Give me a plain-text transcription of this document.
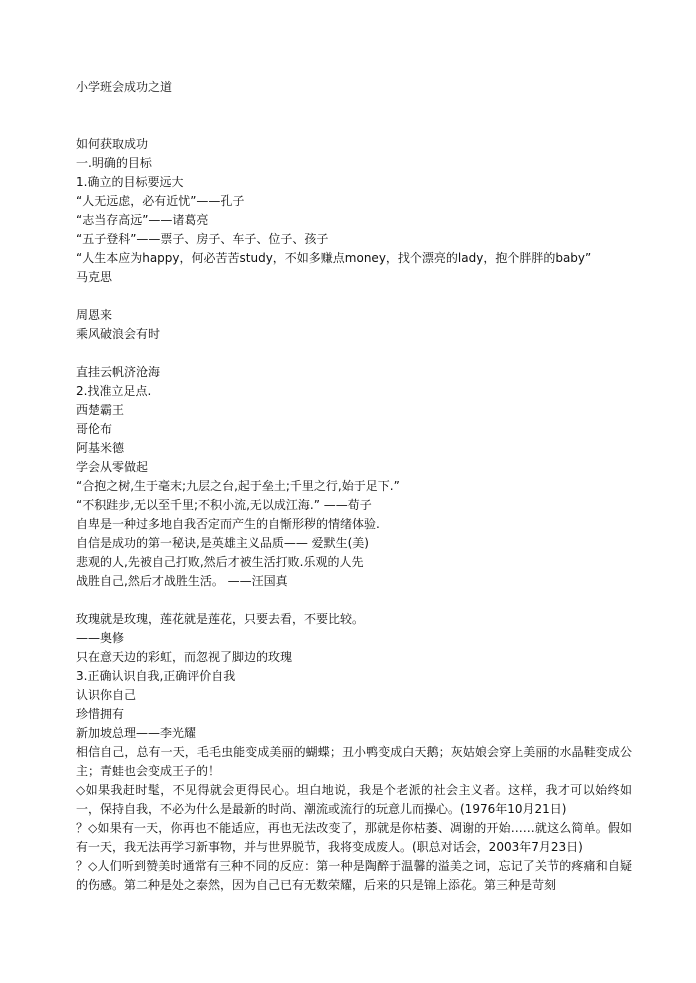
小学班会成功之道
如何获取成功
一.明确的目标
1.确立的目标要远大
“人无远虑，必有近忧”——孔子
“志当存高远”——诸葛亮
“五子登科”——票子、房子、车子、位子、孩子
“人生本应为happy，何必苦苦study，不如多赚点money，找个漂亮的lady，抱个胖胖的baby”
马克思
周恩来
乘风破浪会有时
直挂云帆济沧海
2.找准立足点.
西楚霸王
哥伦布
阿基米德
学会从零做起
“合抱之树,生于毫末;九层之台,起于垒土;千里之行,始于足下.”
“不积跬步,无以至千里;不积小流,无以成江海.” ——荀子
自卑是一种过多地自我否定而产生的自惭形秽的情绪体验.
自信是成功的第一秘诀,是英雄主义品质—— 爱默生(美)
悲观的人,先被自己打败,然后才被生活打败.乐观的人先
战胜自己,然后才战胜生活。 ——汪国真
玫瑰就是玫瑰，莲花就是莲花，只要去看，不要比较。
——奥修
只在意天边的彩虹，而忽视了脚边的玫瑰
3.正确认识自我,正确评价自我
认识你自己
珍惜拥有
新加坡总理——李光耀
相信自己，总有一天，毛毛虫能变成美丽的蝴蝶；丑小鸭变成白天鹅；灰姑娘会穿上美丽的水晶鞋变成公主；青蛙也会变成王子的！
◇如果我赶时髦，不见得就会更得民心。坦白地说，我是个老派的社会主义者。这样，我才可以始终如一，保持自我，不必为什么是最新的时尚、潮流或流行的玩意儿而操心。(1976年10月21日)
？◇如果有一天，你再也不能适应，再也无法改变了，那就是你枯萎、凋谢的开始……就这么简单。假如有一天，我无法再学习新事物，并与世界脱节，我将变成废人。(职总对话会，2003年7月23日)
？◇人们听到赞美时通常有三种不同的反应：第一种是陶醉于温馨的溢美之词，忘记了关节的疼痛和自疑的伤感。第二种是处之泰然，因为自己已有无数荣耀，后来的只是锦上添花。第三种是苛刻
